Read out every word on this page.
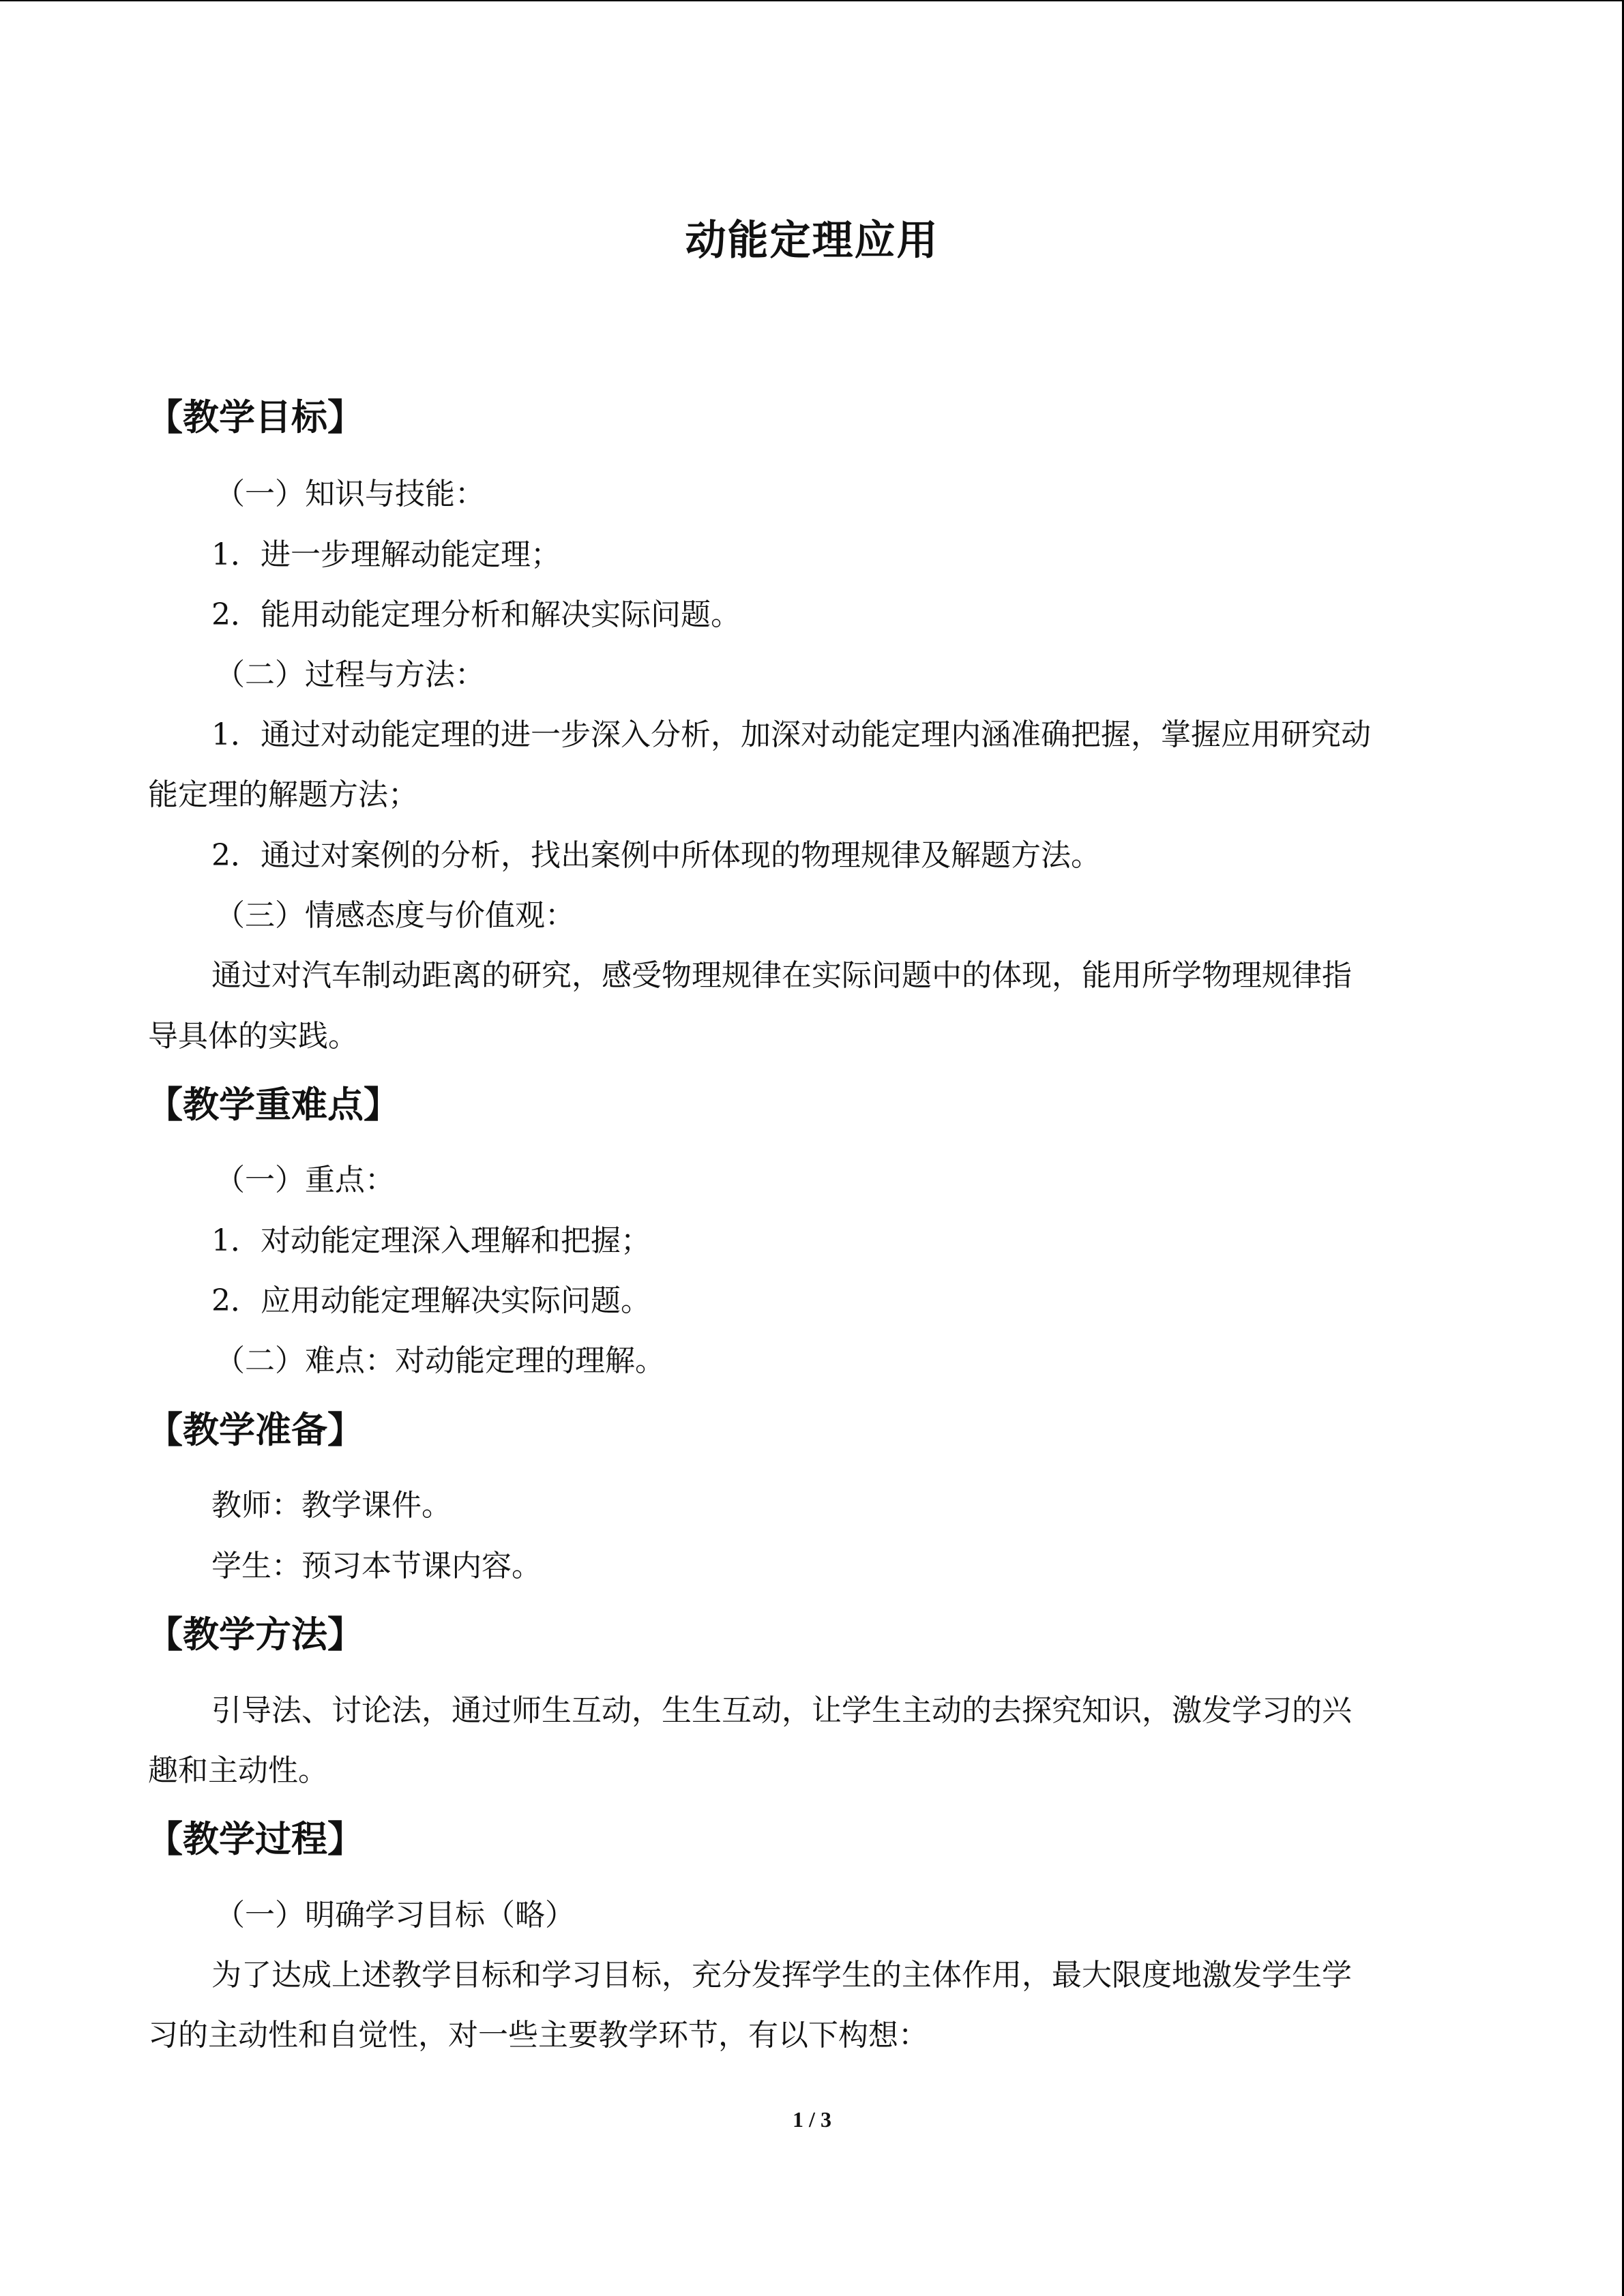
动能定理应用
【教学目标】
（一）知识与技能：
1．进一步理解动能定理；
2．能用动能定理分析和解决实际问题。
（二）过程与方法：
1．通过对动能定理的进一步深入分析，加深对动能定理内涵准确把握，掌握应用研究动
能定理的解题方法；
2．通过对案例的分析，找出案例中所体现的物理规律及解题方法。
（三）情感态度与价值观：
通过对汽车制动距离的研究，感受物理规律在实际问题中的体现，能用所学物理规律指
导具体的实践。
【教学重难点】
（一）重点：
1．对动能定理深入理解和把握；
2．应用动能定理解决实际问题。
（二）难点：对动能定理的理解。
【教学准备】
教师：教学课件。
学生：预习本节课内容。
【教学方法】
引导法、讨论法，通过师生互动，生生互动，让学生主动的去探究知识，激发学习的兴
趣和主动性。
【教学过程】
（一）明确学习目标（略）
为了达成上述教学目标和学习目标，充分发挥学生的主体作用，最大限度地激发学生学
习的主动性和自觉性，对一些主要教学环节，有以下构想：
1 / 3
